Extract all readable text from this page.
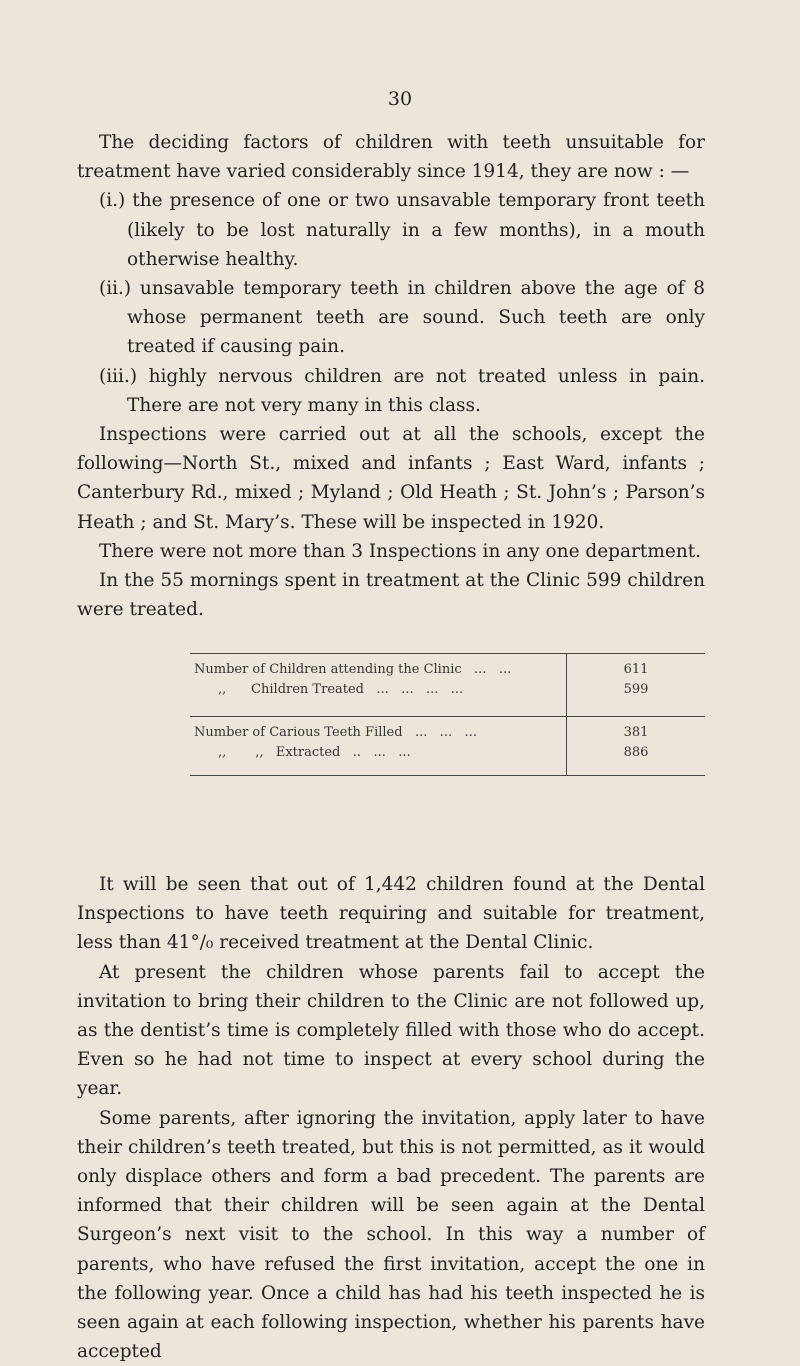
30

The deciding factors of children with teeth unsuitable for treatment have varied considerably since 1914, they are now : —

(i.) the presence of one or two unsavable temporary front teeth (likely to be lost naturally in a few months), in a mouth otherwise healthy.

(ii.) unsavable temporary teeth in children above the age of 8 whose permanent teeth are sound. Such teeth are only treated if causing pain.

(iii.) highly nervous children are not treated unless in pain. There are not very many in this class.

Inspections were carried out at all the schools, except the following—North St., mixed and infants ; East Ward, infants ; Canterbury Rd., mixed ; Myland ; Old Heath ; St. John’s ; Parson’s Heath ; and St. Mary’s. These will be inspected in 1920.

There were not more than 3 Inspections in any one department.

In the 55 mornings spent in treatment at the Clinic 599 children were treated.

Number of Children attending the Clinic   ...   ...	611
,,      Children Treated   ...   ...   ...   ...	599

Number of Carious Teeth Filled   ...   ...   ...	381
,,       ,,   Extracted   ..   ...   ...	886

It will be seen that out of 1,442 children found at the Dental Inspections to have teeth requiring and suitable for treatment, less than 41°/₀ received treatment at the Dental Clinic.

At present the children whose parents fail to accept the invitation to bring their children to the Clinic are not followed up, as the dentist’s time is completely filled with those who do accept. Even so he had not time to inspect at every school during the year.

Some parents, after ignoring the invitation, apply later to have their children’s teeth treated, but this is not permitted, as it would only displace others and form a bad precedent. The parents are informed that their children will be seen again at the Dental Surgeon’s next visit to the school. In this way a number of parents, who have refused the first invitation, accept the one in the following year. Once a child has had his teeth inspected he is seen again at each following inspection, whether his parents have accepted
